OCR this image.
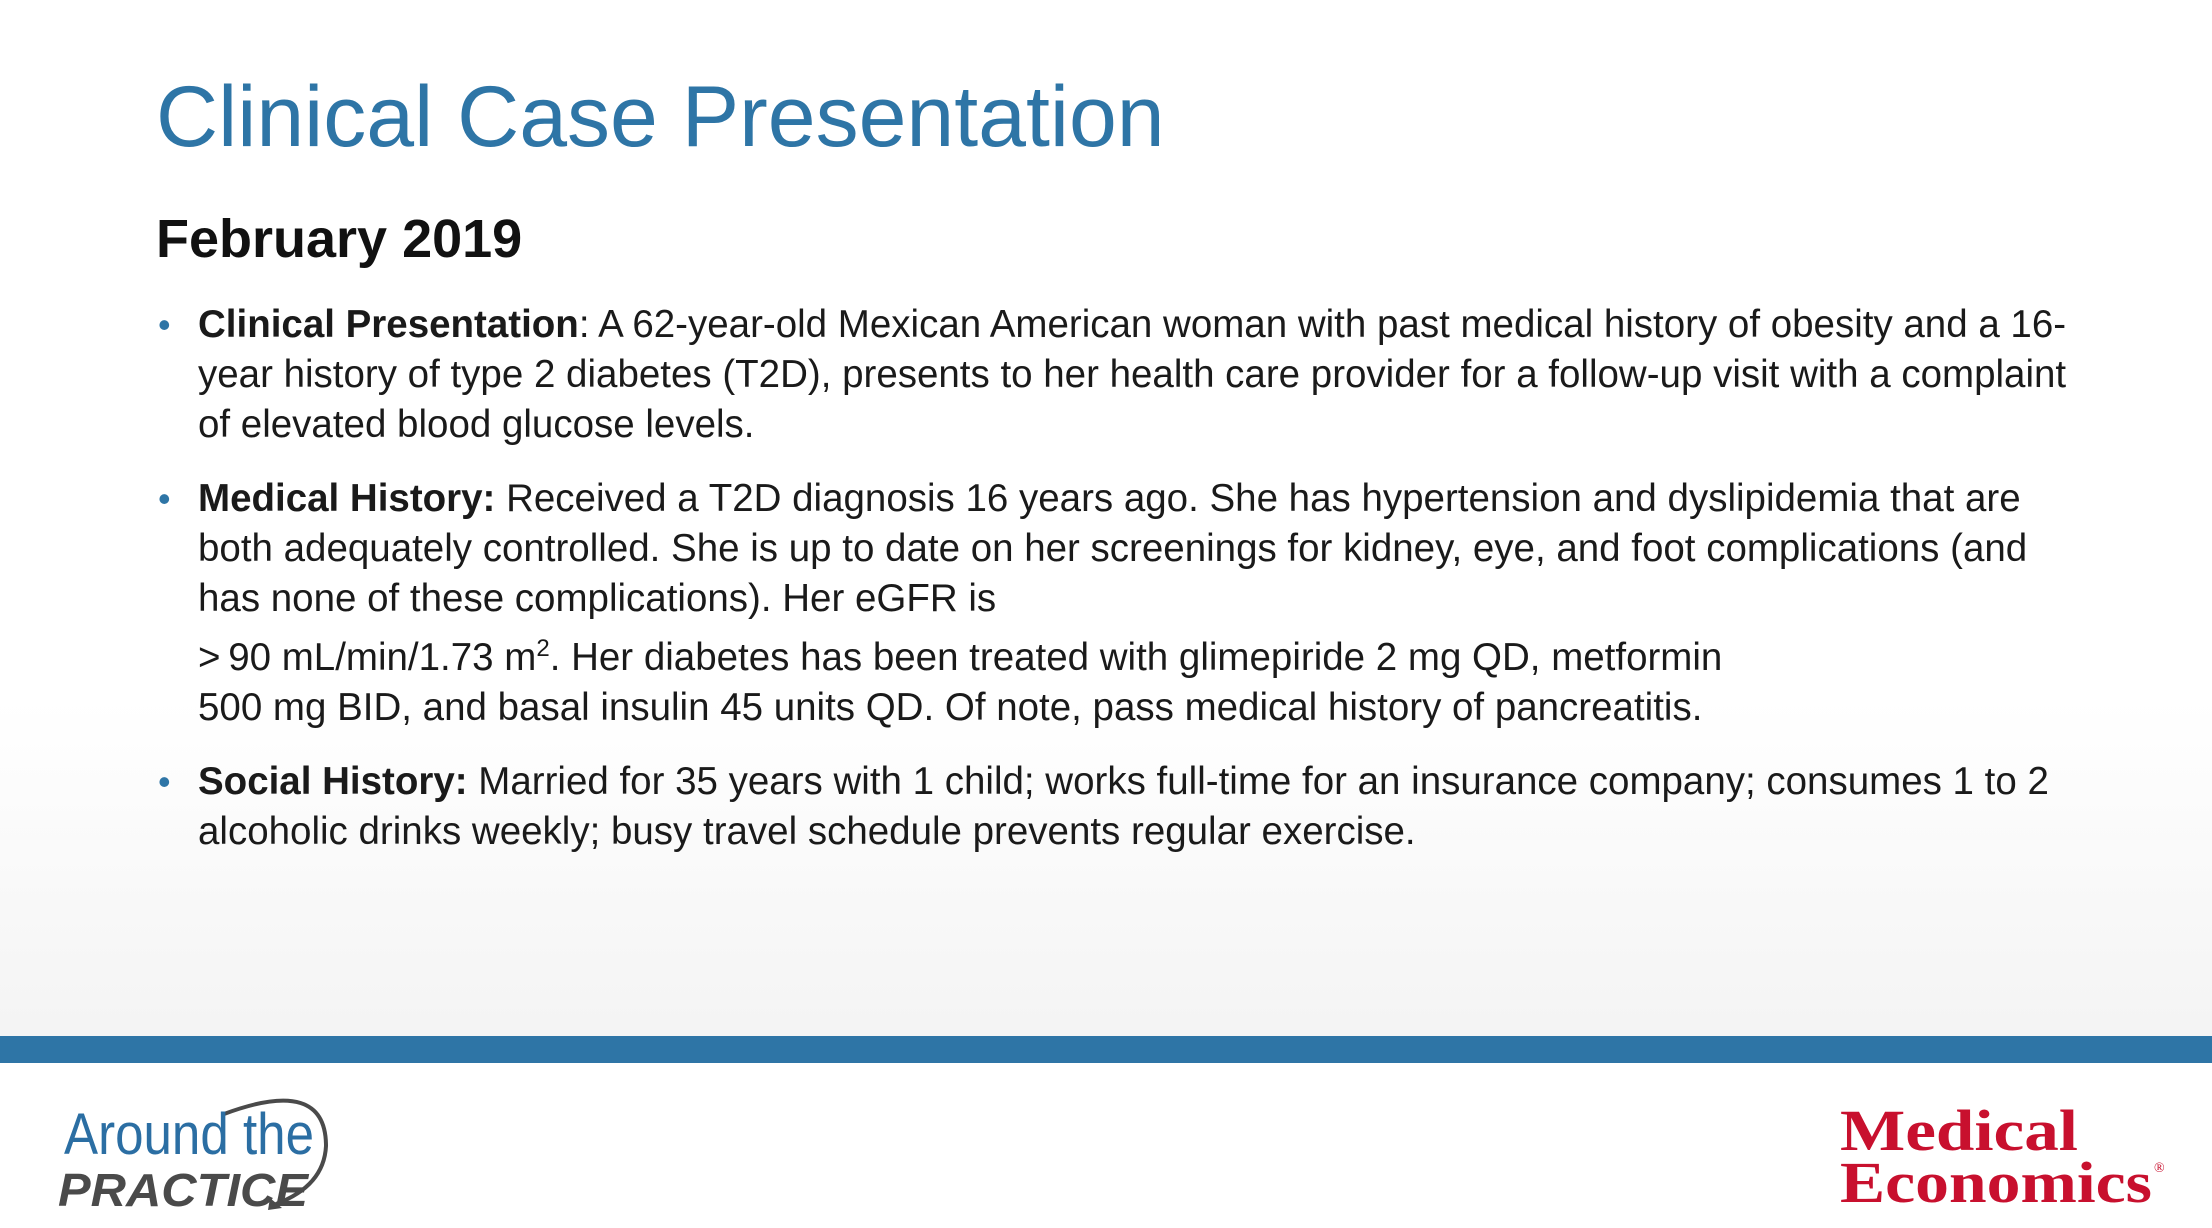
Clinical Case Presentation
February 2019
• Clinical Presentation: A 62-year-old Mexican American woman with past medical history of obesity and a 16-year history of type 2 diabetes (T2D), presents to her health care provider for a follow-up visit with a complaint of elevated blood glucose levels.
• Medical History: Received a T2D diagnosis 16 years ago. She has hypertension and dyslipidemia that are both adequately controlled. She is up to date on her screenings for kidney, eye, and foot complications (and has none of these complications). Her eGFR is
> 90 mL/min/1.73 $m^2$. Her diabetes has been treated with glimepiride 2 mg QD, metformin
500 mg BID, and basal insulin 45 units QD. Of note, pass medical history of pancreatitis.
• Social History: Married for 35 years with 1 child; works full-time for an insurance company; consumes 1 to 2 alcoholic drinks weekly; busy travel schedule prevents regular exercise.
Around the
PRACTICE
Medical
Economics ®
